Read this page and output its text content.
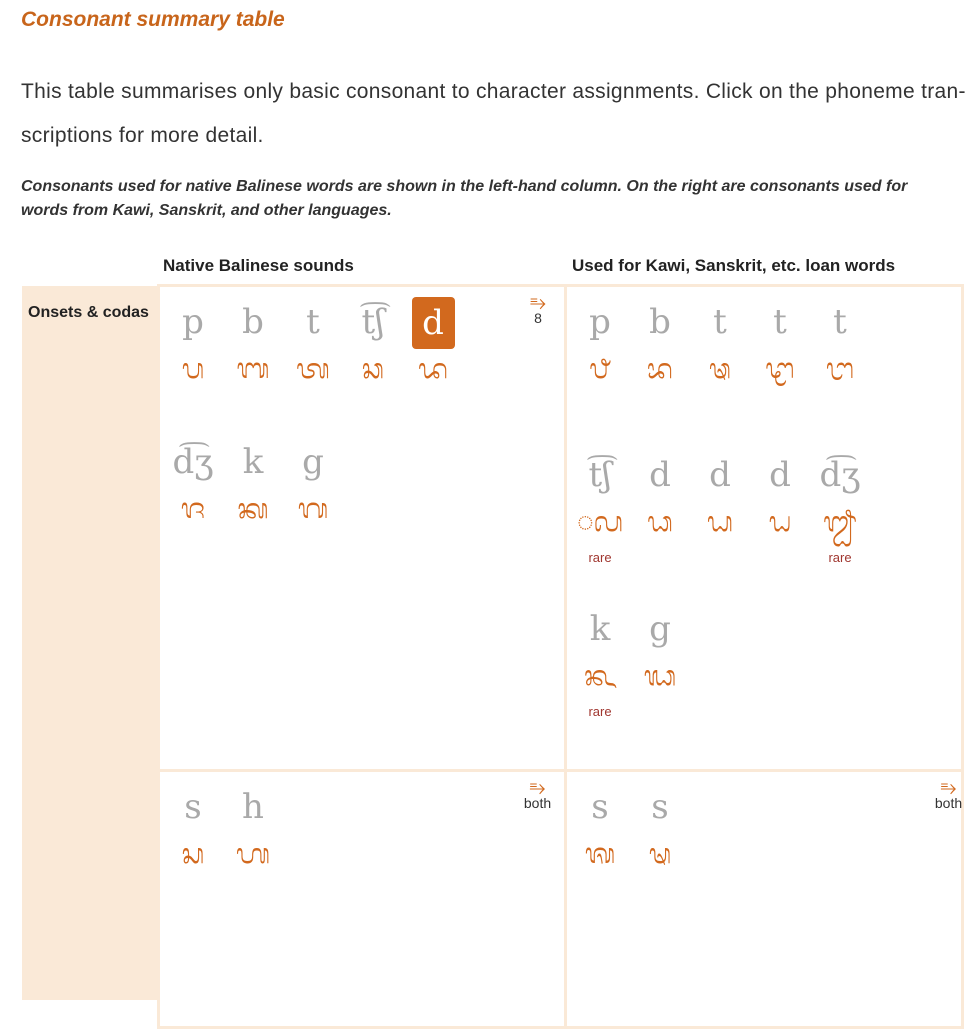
Consonant summary table
This table summarises only basic consonant to character assignments. Click on the phoneme tran-
scriptions for more detail.
Consonants used for native Balinese words are shown in the left-hand column. On the right are consonants used for
words from Kawi, Sanskrit, and other languages.
Native Balinese sounds	Used for Kawi, Sanskrit, etc. loan words
Onsets & codas p
ᬧ
b
ᬩ
t
ᬢ
t͡ʃ
ᬘ
d
ᬤ
d͡ʒ
ᬚ
k
ᬓ
g
ᬕ
p
ᬨ
b
ᬪ
t
ᬣ
t
ᬝ
t
ᬞ
t͡ʃ
◌ᬙ
rare
d
ᬥ
d
ᬟ
d
ᬠ
d͡ʒ
ᬛ
rare
k
ᬔ
rare
g
ᬖ
s
ᬲ
h
ᬳ
s
ᬰ
s
ᬱ
⥱
8
⥱
both
⥱
both
